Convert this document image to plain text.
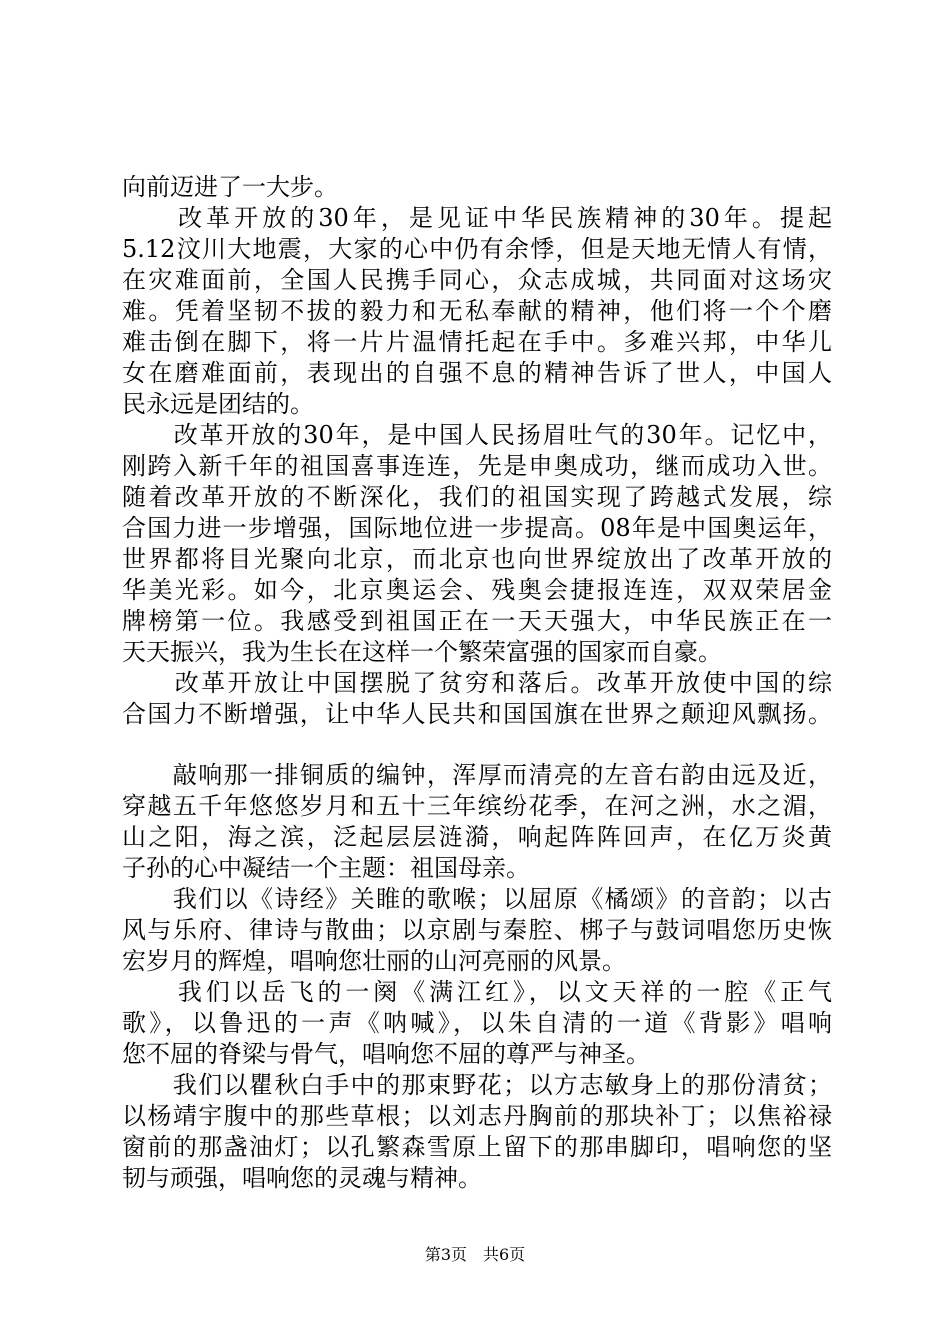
向前迈进了一大步。
　　改革开放的30年，是见证中华民族精神的30年。提起
5.12汶川大地震，大家的心中仍有余悸，但是天地无情人有情，
在灾难面前，全国人民携手同心，众志成城，共同面对这场灾
难。凭着坚韧不拔的毅力和无私奉献的精神，他们将一个个磨
难击倒在脚下，将一片片温情托起在手中。多难兴邦，中华儿
女在磨难面前，表现出的自强不息的精神告诉了世人，中国人
民永远是团结的。
　　改革开放的30年，是中国人民扬眉吐气的30年。记忆中，
刚跨入新千年的祖国喜事连连，先是申奥成功，继而成功入世。
随着改革开放的不断深化，我们的祖国实现了跨越式发展，综
合国力进一步增强，国际地位进一步提高。08年是中国奥运年，
世界都将目光聚向北京，而北京也向世界绽放出了改革开放的
华美光彩。如今，北京奥运会、残奥会捷报连连，双双荣居金
牌榜第一位。我感受到祖国正在一天天强大，中华民族正在一
天天振兴，我为生长在这样一个繁荣富强的国家而自豪。
　　改革开放让中国摆脱了贫穷和落后。改革开放使中国的综
合国力不断增强，让中华人民共和国国旗在世界之颠迎风飘扬。
　　敲响那一排铜质的编钟，浑厚而清亮的左音右韵由远及近，
穿越五千年悠悠岁月和五十三年缤纷花季，在河之洲，水之湄，
山之阳，海之滨，泛起层层涟漪，响起阵阵回声，在亿万炎黄
子孙的心中凝结一个主题：祖国母亲。
　　我们以《诗经》关睢的歌喉；以屈原《橘颂》的音韵；以古
风与乐府、律诗与散曲；以京剧与秦腔、梆子与鼓词唱您历史恢
宏岁月的辉煌，唱响您壮丽的山河亮丽的风景。
　　我们以岳飞的一阕《满江红》，以文天祥的一腔《正气
歌》，以鲁迅的一声《呐喊》，以朱自清的一道《背影》唱响
您不屈的脊梁与骨气，唱响您不屈的尊严与神圣。
　　我们以瞿秋白手中的那束野花；以方志敏身上的那份清贫；
以杨靖宇腹中的那些草根；以刘志丹胸前的那块补丁；以焦裕禄
窗前的那盏油灯；以孔繁森雪原上留下的那串脚印，唱响您的坚
韧与顽强，唱响您的灵魂与精神。
第3页　共6页
